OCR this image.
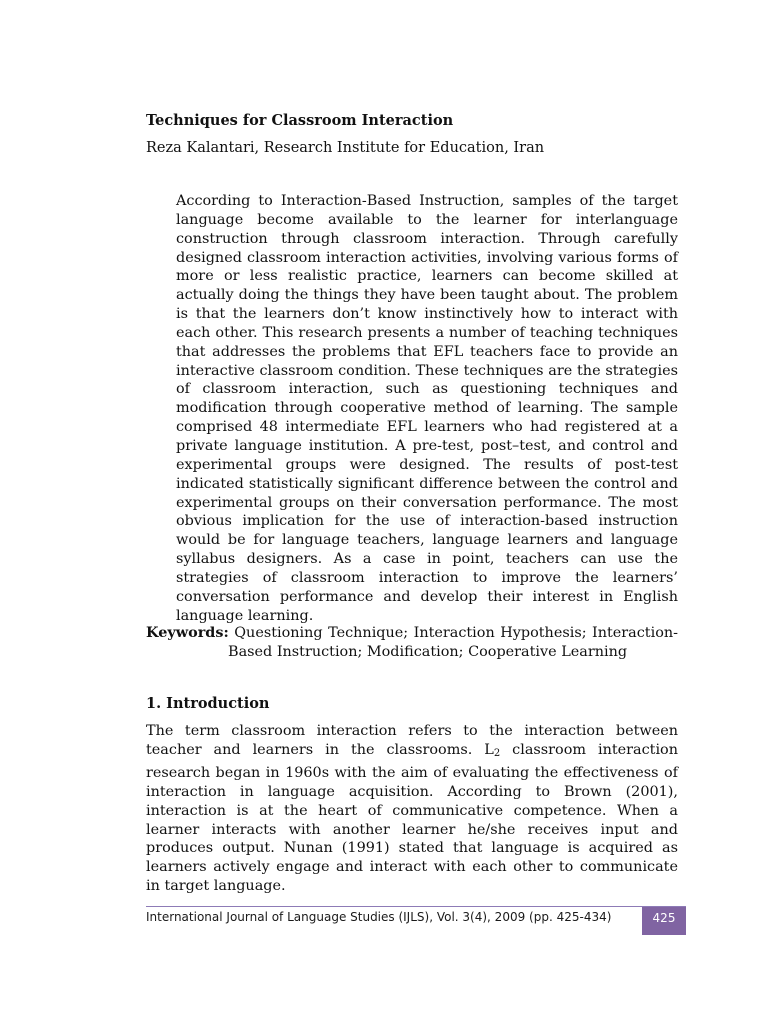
Techniques for Classroom Interaction
Reza Kalantari, Research Institute for Education, Iran
According to Interaction-Based Instruction, samples of the target language become available to the learner for interlanguage construction through classroom interaction. Through carefully designed classroom interaction activities, involving various forms of more or less realistic practice, learners can become skilled at actually doing the things they have been taught about. The problem is that the learners don’t know instinctively how to interact with each other. This research presents a number of teaching techniques that addresses the problems that EFL teachers face to provide an interactive classroom condition. These techniques are the strategies of classroom interaction, such as questioning techniques and modification through cooperative method of learning. The sample comprised 48 intermediate EFL learners who had registered at a private language institution. A pre-test, post–test, and control and experimental groups were designed. The results of post-test indicated statistically significant difference between the control and experimental groups on their conversation performance. The most obvious implication for the use of interaction-based instruction would be for language teachers, language learners and language syllabus designers. As a case in point, teachers can use the strategies of classroom interaction to improve the learners’ conversation performance and develop their interest in English language learning.
Keywords: Questioning Technique; Interaction Hypothesis; Interaction-Based Instruction; Modification; Cooperative Learning
1. Introduction
The term classroom interaction refers to the interaction between teacher and learners in the classrooms. $L_2$ classroom interaction research began in 1960s with the aim of evaluating the effectiveness of interaction in language acquisition. According to Brown (2001), interaction is at the heart of communicative competence. When a learner interacts with another learner he/she receives input and produces output. Nunan (1991) stated that language is acquired as learners actively engage and interact with each other to communicate in target language.
International Journal of Language Studies (IJLS), Vol. 3(4), 2009 (pp. 425-434)	425
